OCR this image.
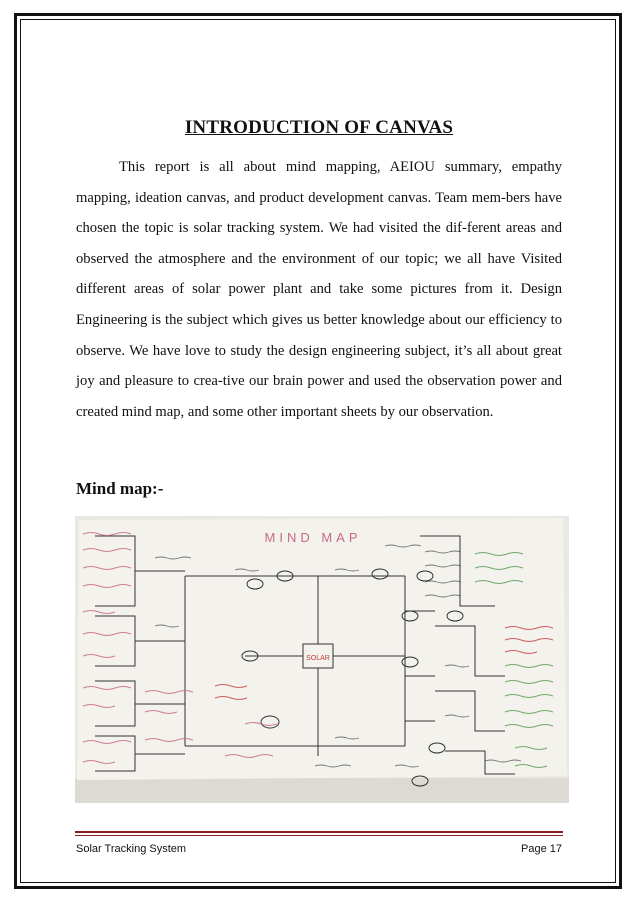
INTRODUCTION OF CANVAS
This report is all about mind mapping, AEIOU summary, empathy mapping, ideation canvas, and product development canvas. Team mem-bers have chosen the topic is solar tracking system. We had visited the dif-ferent areas and observed the atmosphere and the environment of our topic; we all have Visited different areas of solar power plant and take some pictures from it. Design Engineering is the subject which gives us better knowledge about our efficiency to observe. We have love to study the design engineering subject, it’s all about great joy and pleasure to crea-tive our brain power and used the observation power and created mind map, and some other important sheets by our observation.
Mind map:-
MIND MAP
SOLAR
Solar Tracking System	Page 17
